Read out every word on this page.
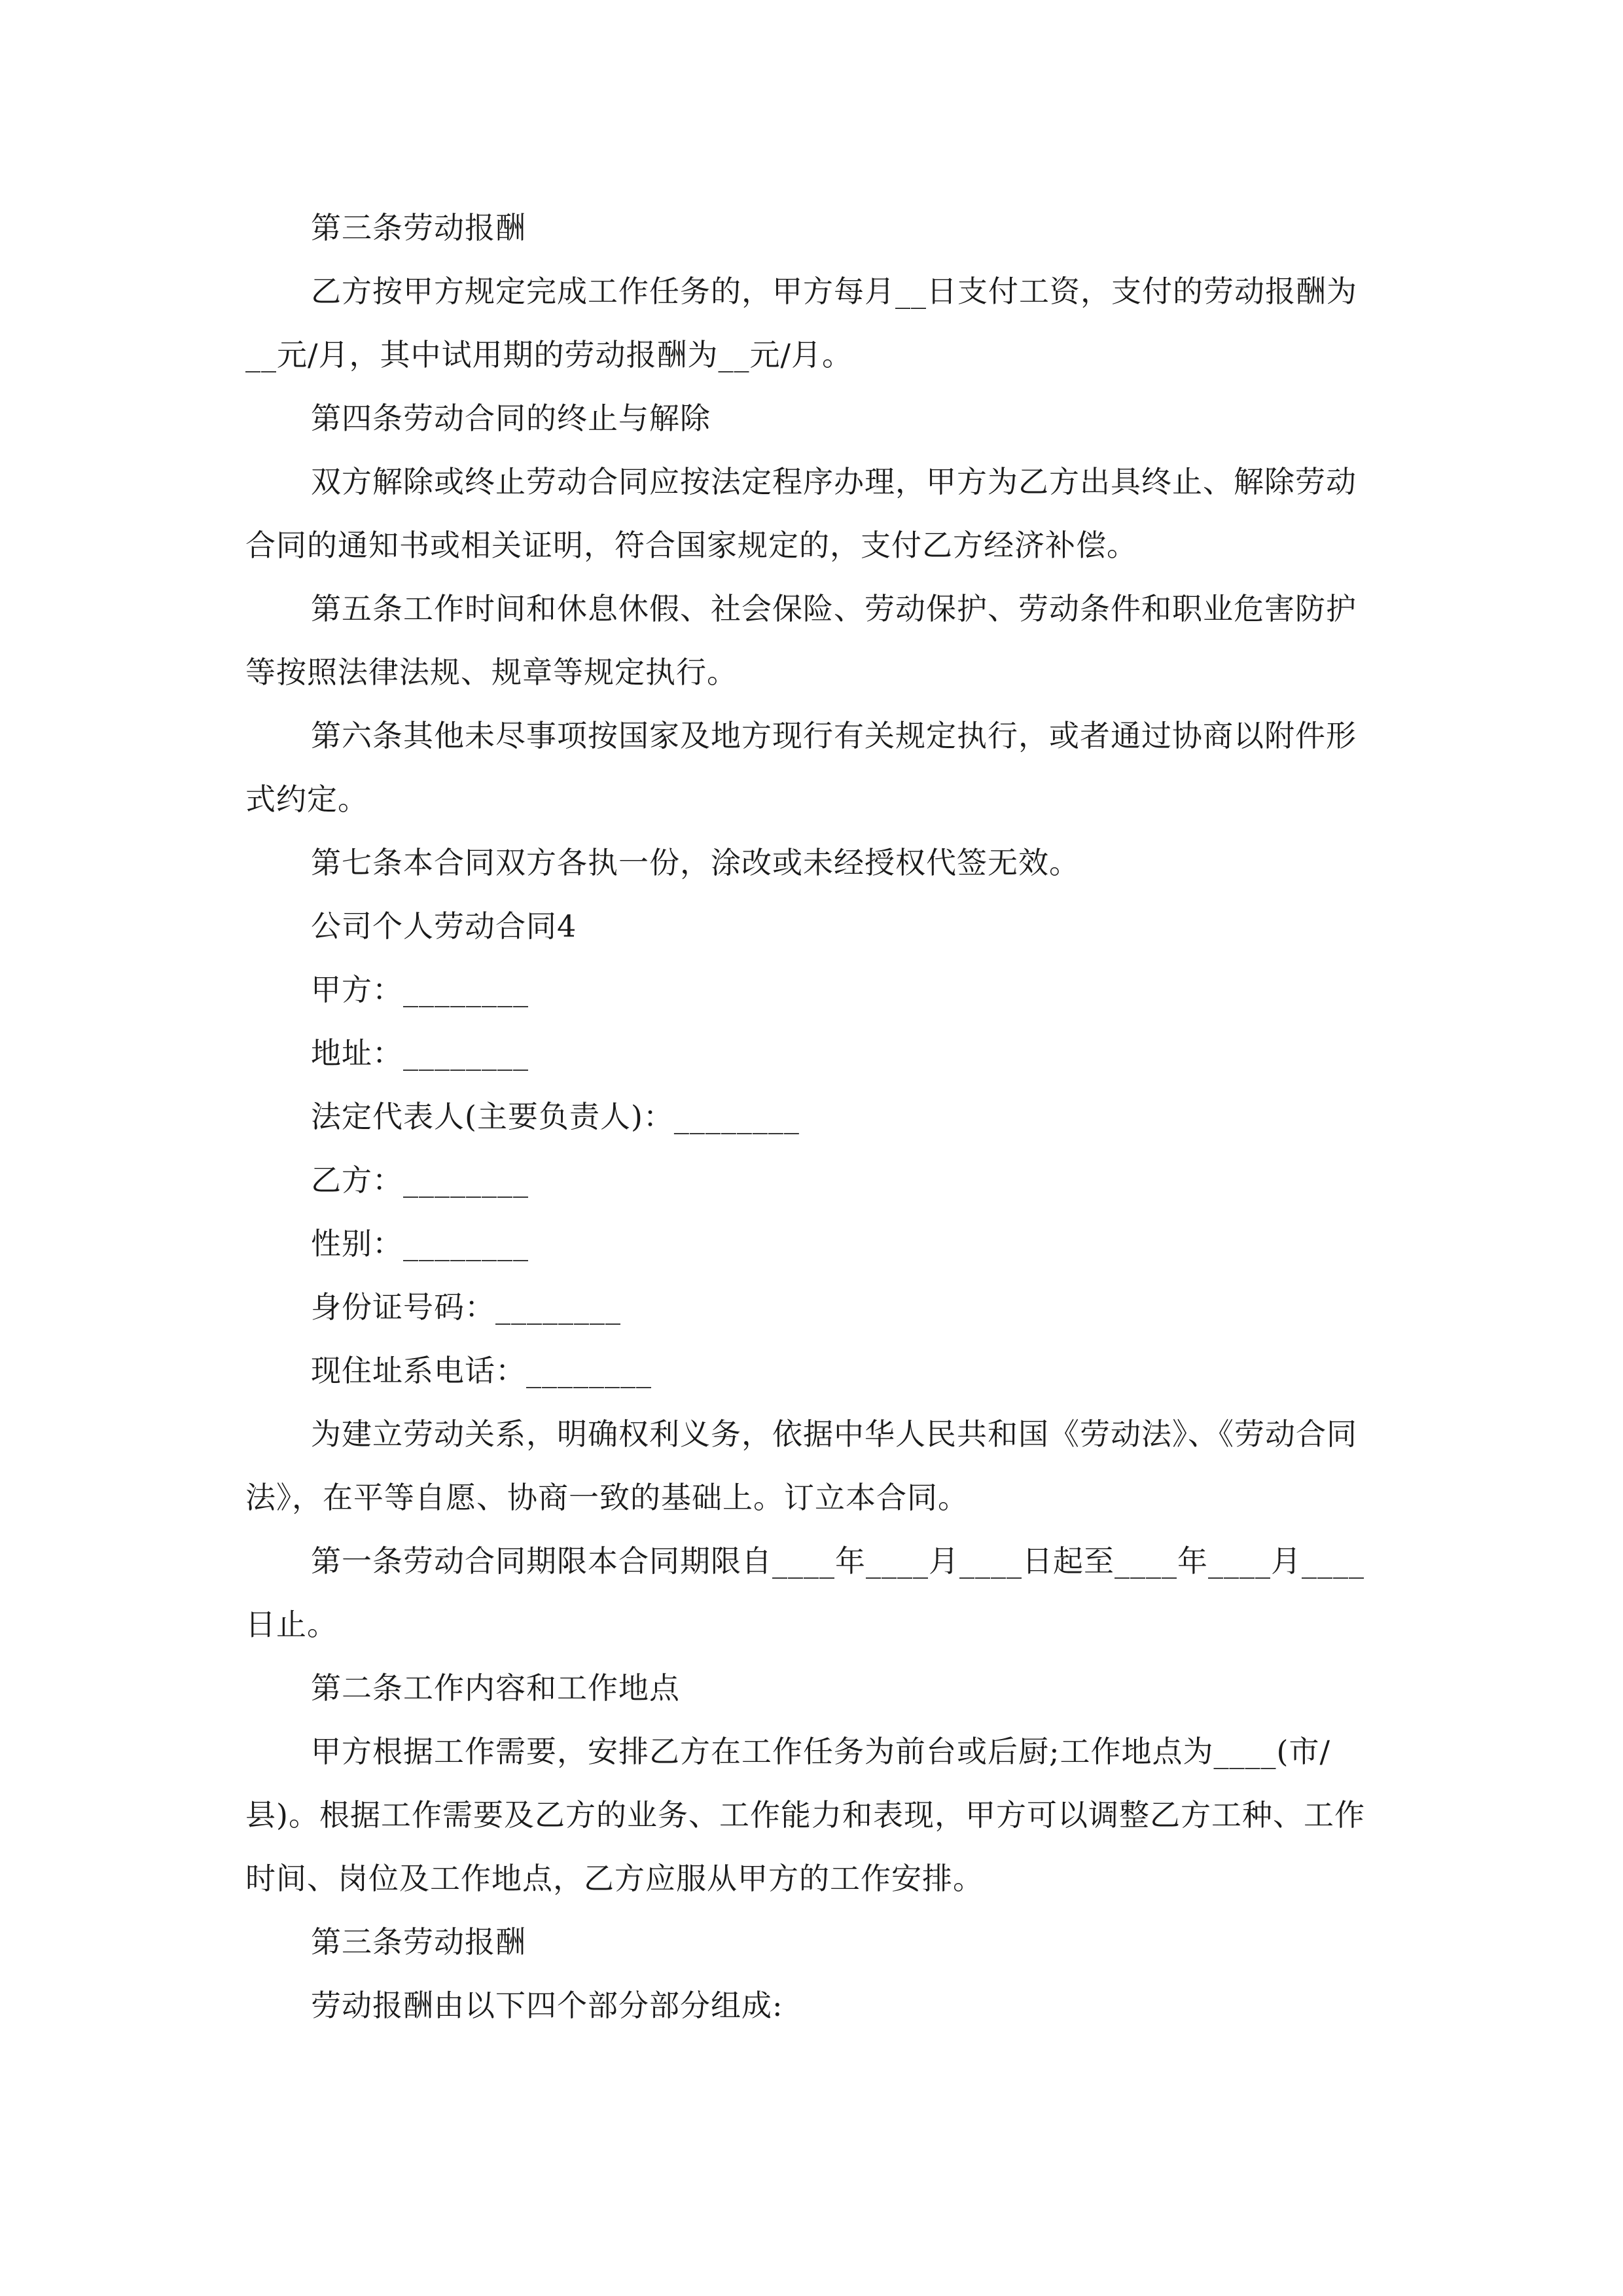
第三条劳动报酬

乙方按甲方规定完成工作任务的，甲方每月__日支付工资，支付的劳动报酬为__元/月，其中试用期的劳动报酬为__元/月。

第四条劳动合同的终止与解除

双方解除或终止劳动合同应按法定程序办理，甲方为乙方出具终止、解除劳动合同的通知书或相关证明，符合国家规定的，支付乙方经济补偿。

第五条工作时间和休息休假、社会保险、劳动保护、劳动条件和职业危害防护等按照法律法规、规章等规定执行。

第六条其他未尽事项按国家及地方现行有关规定执行，或者通过协商以附件形式约定。

第七条本合同双方各执一份，涂改或未经授权代签无效。

公司个人劳动合同4

甲方：________

地址：________

法定代表人(主要负责人)：________

乙方：________

性别：________

身份证号码：________

现住址系电话：________

为建立劳动关系，明确权利义务，依据中华人民共和国《劳动法》、《劳动合同法》，在平等自愿、协商一致的基础上。订立本合同。

第一条劳动合同期限本合同期限自____年____月____日起至____年____月____日止。

第二条工作内容和工作地点

甲方根据工作需要，安排乙方在工作任务为前台或后厨;工作地点为____(市/县)。根据工作需要及乙方的业务、工作能力和表现，甲方可以调整乙方工种、工作时间、岗位及工作地点，乙方应服从甲方的工作安排。

第三条劳动报酬

劳动报酬由以下四个部分部分组成:
